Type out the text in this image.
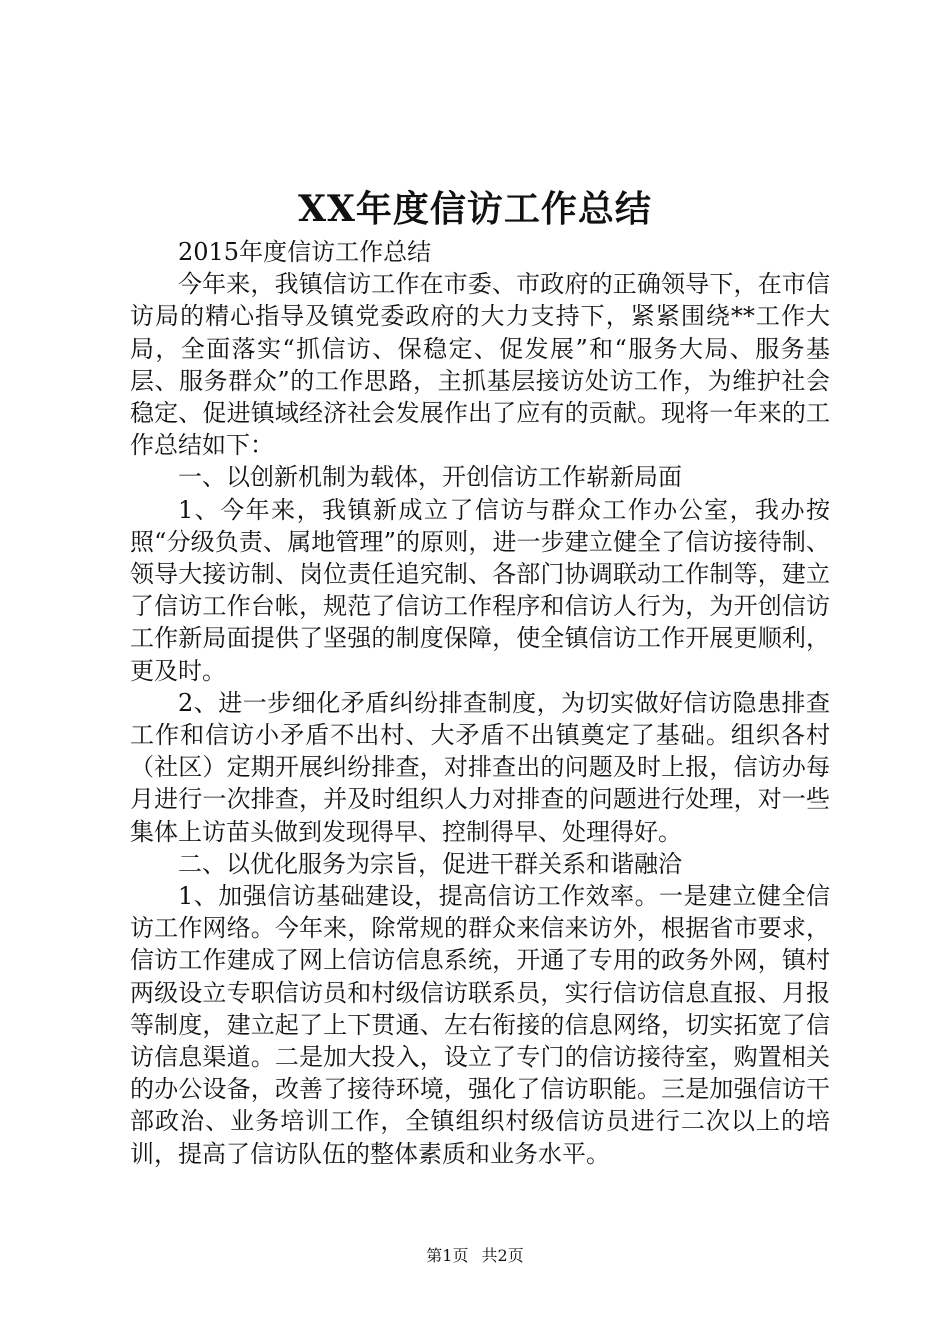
XX年度信访工作总结

2015年度信访工作总结

今年来，我镇信访工作在市委、市政府的正确领导下，在市信访局的精心指导及镇党委政府的大力支持下，紧紧围绕**工作大局，全面落实“抓信访、保稳定、促发展”和“服务大局、服务基层、服务群众”的工作思路，主抓基层接访处访工作，为维护社会稳定、促进镇域经济社会发展作出了应有的贡献。现将一年来的工作总结如下：

一、以创新机制为载体，开创信访工作崭新局面

1、今年来，我镇新成立了信访与群众工作办公室，我办按照“分级负责、属地管理”的原则，进一步建立健全了信访接待制、领导大接访制、岗位责任追究制、各部门协调联动工作制等，建立了信访工作台帐，规范了信访工作程序和信访人行为，为开创信访工作新局面提供了坚强的制度保障，使全镇信访工作开展更顺利，更及时。

2、进一步细化矛盾纠纷排查制度，为切实做好信访隐患排查工作和信访小矛盾不出村、大矛盾不出镇奠定了基础。组织各村（社区）定期开展纠纷排查，对排查出的问题及时上报，信访办每月进行一次排查，并及时组织人力对排查的问题进行处理，对一些集体上访苗头做到发现得早、控制得早、处理得好。

二、以优化服务为宗旨，促进干群关系和谐融洽

1、加强信访基础建设，提高信访工作效率。一是建立健全信访工作网络。今年来，除常规的群众来信来访外，根据省市要求，信访工作建成了网上信访信息系统，开通了专用的政务外网，镇村两级设立专职信访员和村级信访联系员，实行信访信息直报、月报等制度，建立起了上下贯通、左右衔接的信息网络，切实拓宽了信访信息渠道。二是加大投入，设立了专门的信访接待室，购置相关的办公设备，改善了接待环境，强化了信访职能。三是加强信访干部政治、业务培训工作，全镇组织村级信访员进行二次以上的培训，提高了信访队伍的整体素质和业务水平。

第1页 共2页
